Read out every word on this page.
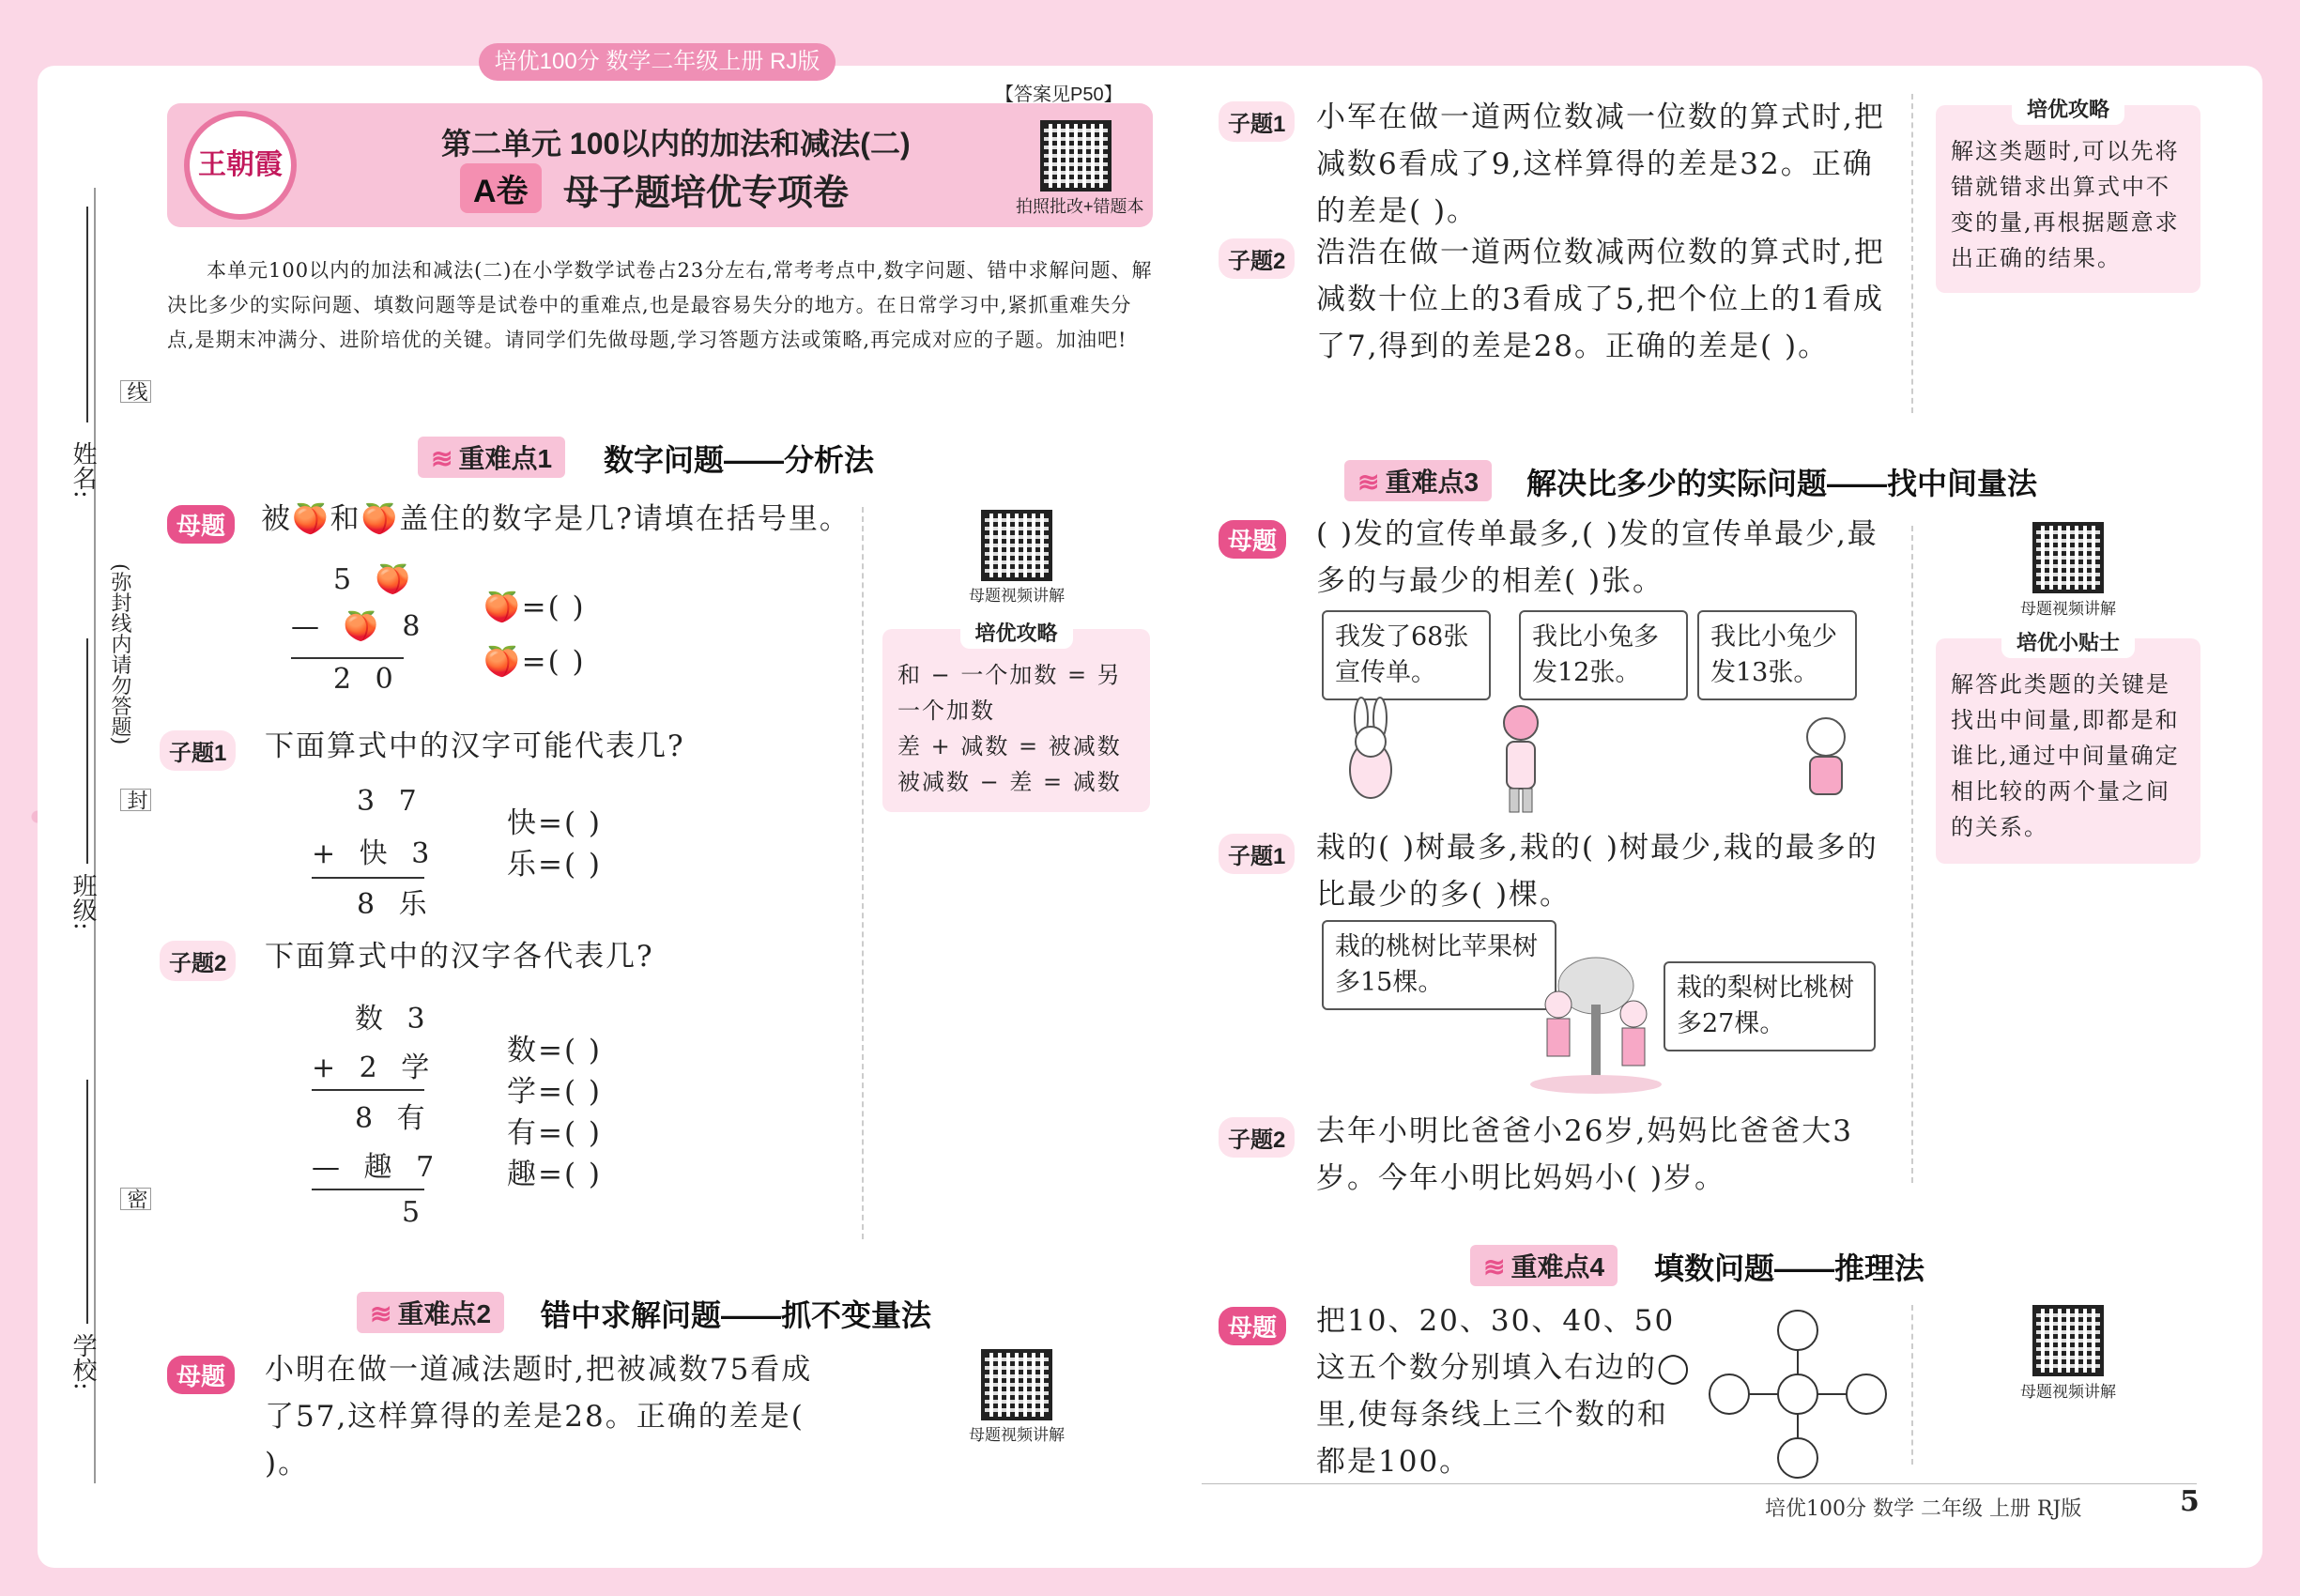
培优100分 数学二年级上册 RJ版
姓名:
班级:
学校:
线
封
密
(弥封线内请勿答题)
王朝霞
【答案见P50】
第二单元 100以内的加法和减法(二)
A卷 母子题培优专项卷	拍照批改+错题本
本单元100以内的加法和减法(二)在小学数学试卷占23分左右,常考考点中,数字问题、错中求解问题、解决比多少的实际问题、填数问题等是试卷中的重难点,也是最容易失分的地方。在日常学习中,紧抓重难失分点,是期末冲满分、进阶培优的关键。请同学们先做母题,学习答题方法或策略,再完成对应的子题。加油吧!
≋ 重难点1	数字问题——分析法
母题	被🍑和🍑盖住的数字是几?请填在括号里。
5 🍑
— 🍑 8
2 0
🍑=( )
🍑=( )
母题视频讲解
培优攻略
和 − 一个加数 = 另一个加数
差 + 减数 = 被减数
被减数 − 差 = 减数
子题1	下面算式中的汉字可能代表几?
3 7
+ 快 3
8 乐
快=( )
乐=( )
子题2	下面算式中的汉字各代表几?
数 3
+ 2 学
8 有
— 趣 7
5
数=( )
学=( )
有=( )
趣=( )
≋ 重难点2	错中求解问题——抓不变量法
母题	小明在做一道减法题时,把被减数75看成了57,这样算得的差是28。正确的差是( )。
母题视频讲解
子题1	小军在做一道两位数减一位数的算式时,把减数6看成了9,这样算得的差是32。正确的差是( )。
子题2	浩浩在做一道两位数减两位数的算式时,把减数十位上的3看成了5,把个位上的1看成了7,得到的差是28。正确的差是( )。
培优攻略
解这类题时,可以先将错就错求出算式中不变的量,再根据题意求出正确的结果。
≋ 重难点3	解决比多少的实际问题——找中间量法
母题	( )发的宣传单最多,( )发的宣传单最少,最多的与最少的相差( )张。
母题视频讲解
我发了68张宣传单。
我比小兔多发12张。
我比小兔少发13张。
培优小贴士
解答此类题的关键是找出中间量,即都是和谁比,通过中间量确定相比较的两个量之间的关系。
子题1	栽的( )树最多,栽的( )树最少,栽的最多的比最少的多( )棵。
栽的桃树比苹果树多15棵。	栽的梨树比桃树多27棵。
子题2	去年小明比爸爸小26岁,妈妈比爸爸大3岁。今年小明比妈妈小( )岁。
≋ 重难点4	填数问题——推理法
母题	把10、20、30、40、50这五个数分别填入右边的◯里,使每条线上三个数的和都是100。
母题视频讲解
培优100分 数学 二年级 上册 RJ版	5
